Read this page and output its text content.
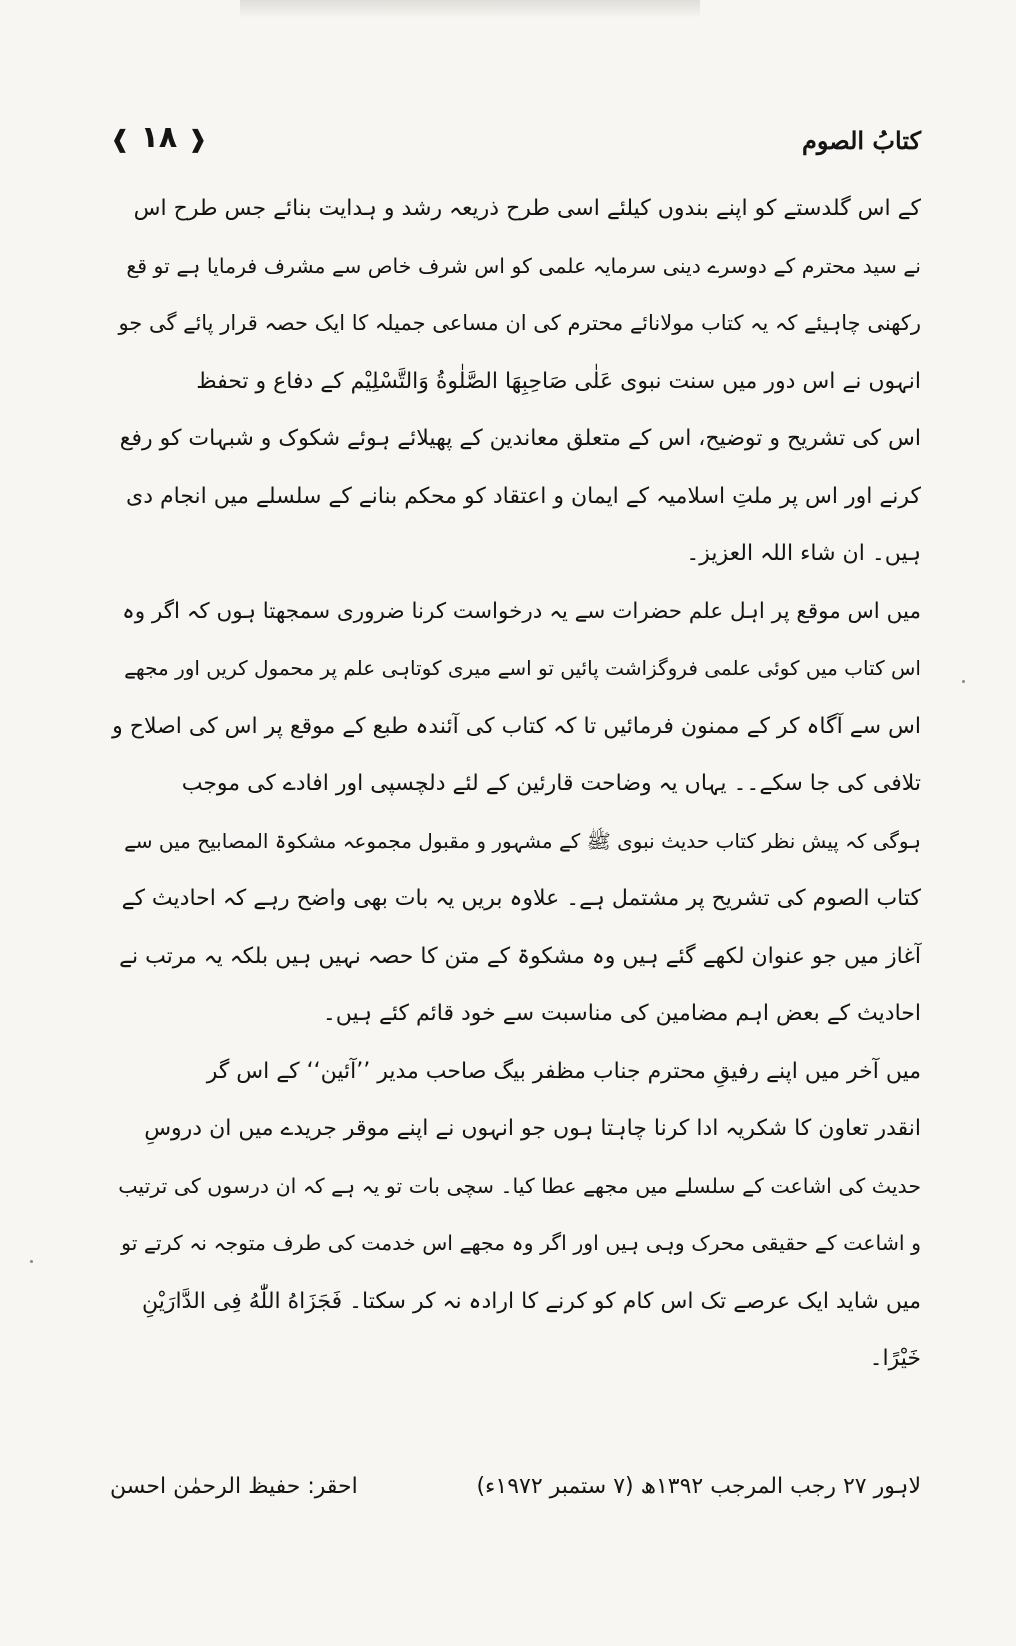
کتابُ الصوم
❰ ۱۸ ❱
کے اس گلدستے کو اپنے بندوں کیلئے اسی طرح ذریعہ رشد و ہدایت بنائے جس طرح اس
نے سید محترم کے دوسرے دینی سرمایہ علمی کو اس شرف خاص سے مشرف فرمایا ہے تو قع
رکھنی چاہیئے کہ یہ کتاب مولانائے محترم کی ان مساعی جمیلہ کا ایک حصہ قرار پائے گی جو
انہوں نے اس دور میں سنت نبوی عَلٰی صَاحِبِهَا الصَّلٰوةُ وَالتَّسْلِیْم کے دفاع و تحفظ
اس کی تشریح و توضیح، اس کے متعلق معاندین کے پھیلائے ہوئے شکوک و شبہات کو رفع
کرنے اور اس پر ملتِ اسلامیہ کے ایمان و اعتقاد کو محکم بنانے کے سلسلے میں انجام دی
ہیں۔ ان شاء اللہ العزیز۔
میں اس موقع پر اہل علم حضرات سے یہ درخواست کرنا ضروری سمجھتا ہوں کہ اگر وہ
اس کتاب میں کوئی علمی فروگزاشت پائیں تو اسے میری کوتاہی علم پر محمول کریں اور مجھے
اس سے آگاہ کر کے ممنون فرمائیں تا کہ کتاب کی آئندہ طبع کے موقع پر اس کی اصلاح و
تلافی کی جا سکے۔۔ یہاں یہ وضاحت قارئین کے لئے دلچسپی اور افادے کی موجب
ہوگی کہ پیش نظر کتاب حدیث نبوی ﷺ کے مشہور و مقبول مجموعہ مشکوۃ المصابیح میں سے
کتاب الصوم کی تشریح پر مشتمل ہے۔ علاوہ بریں یہ بات بھی واضح رہے کہ احادیث کے
آغاز میں جو عنوان لکھے گئے ہیں وہ مشکوۃ کے متن کا حصہ نہیں ہیں بلکہ یہ مرتب نے
احادیث کے بعض اہم مضامین کی مناسبت سے خود قائم کئے ہیں۔
میں آخر میں اپنے رفیقِ محترم جناب مظفر بیگ صاحب مدیر ’’آئین‘‘ کے اس گر
انقدر تعاون کا شکریہ ادا کرنا چاہتا ہوں جو انہوں نے اپنے موقر جریدے میں ان دروسِ
حدیث کی اشاعت کے سلسلے میں مجھے عطا کیا۔ سچی بات تو یہ ہے کہ ان درسوں کی ترتیب
و اشاعت کے حقیقی محرک وہی ہیں اور اگر وہ مجھے اس خدمت کی طرف متوجہ نہ کرتے تو
میں شاید ایک عرصے تک اس کام کو کرنے کا ارادہ نہ کر سکتا۔ فَجَزَاهُ اللّٰهُ فِی الدَّارَیْنِ
خَیْرًا۔
لاہور ۲۷ رجب المرجب ۱۳۹۲ھ (۷ ستمبر ۱۹۷۲ء)
احقر: حفیظ الرحمٰن احسن
